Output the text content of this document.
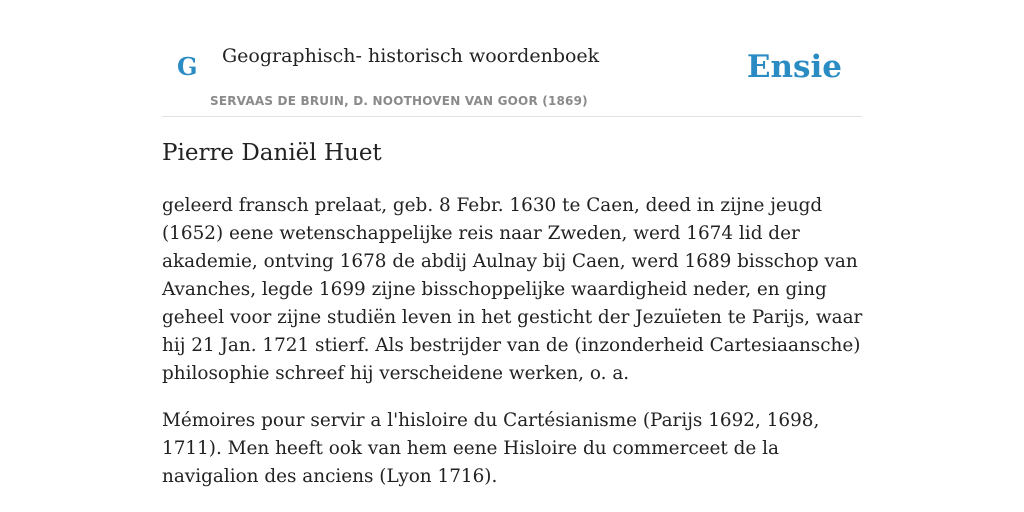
G Geographisch- historisch woordenboek
SERVAAS DE BRUIN, D. NOOTHOVEN VAN GOOR (1869)
Ensie
Pierre Daniël Huet

geleerd fransch prelaat, geb. 8 Febr. 1630 te Caen, deed in zijne jeugd (1652) eene wetenschappelijke reis naar Zweden, werd 1674 lid der akademie, ontving 1678 de abdij Aulnay bij Caen, werd 1689 bisschop van Avanches, legde 1699 zijne bisschoppelijke waardigheid neder, en ging geheel voor zijne studiën leven in het gesticht der Jezuïeten te Parijs, waar hij 21 Jan. 1721 stierf. Als bestrijder van de (inzonderheid Cartesiaansche) philosophie schreef hij verscheidene werken, o. a.

Mémoires pour servir a l'hisloire du Cartésianisme (Parijs 1692, 1698, 1711). Men heeft ook van hem eene Hisloire du commerceet de la navigalion des anciens (Lyon 1716).
